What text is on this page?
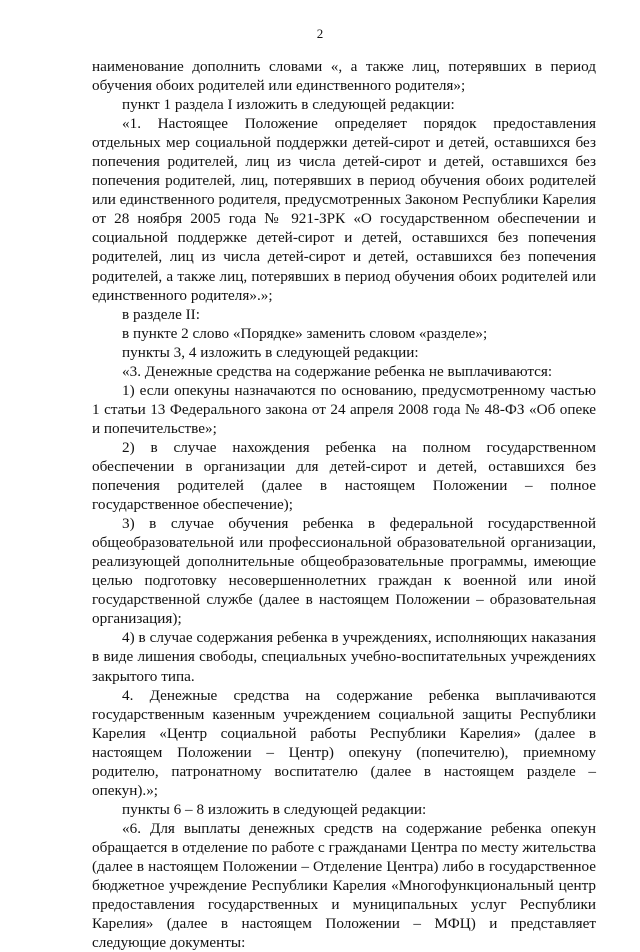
2

наименование дополнить словами «, а также лиц, потерявших в период обучения обоих родителей или единственного родителя»;

пункт 1 раздела I изложить в следующей редакции:

«1. Настоящее Положение определяет порядок предоставления отдельных мер социальной поддержки детей-сирот и детей, оставшихся без попечения родителей, лиц из числа детей-сирот и детей, оставшихся без попечения родителей, лиц, потерявших в период обучения обоих родителей или единственного родителя, предусмотренных Законом Республики Карелия от 28 ноября 2005 года № 921-ЗРК «О государственном обеспечении и социальной поддержке детей-сирот и детей, оставшихся без попечения родителей, лиц из числа детей-сирот и детей, оставшихся без попечения родителей, а также лиц, потерявших в период обучения обоих родителей или единственного родителя».»;

в разделе II:

в пункте 2 слово «Порядке» заменить словом «разделе»;

пункты 3, 4 изложить в следующей редакции:

«3. Денежные средства на содержание ребенка не выплачиваются:

1) если опекуны назначаются по основанию, предусмотренному частью 1 статьи 13 Федерального закона от 24 апреля 2008 года № 48-ФЗ «Об опеке и попечительстве»;

2) в случае нахождения ребенка на полном государственном обеспечении в организации для детей-сирот и детей, оставшихся без попечения родителей (далее в настоящем Положении – полное государственное обеспечение);

3) в случае обучения ребенка в федеральной государственной общеобразовательной или профессиональной образовательной организации, реализующей дополнительные общеобразовательные программы, имеющие целью подготовку несовершеннолетних граждан к военной или иной государственной службе (далее в настоящем Положении – образовательная организация);

4) в случае содержания ребенка в учреждениях, исполняющих наказания в виде лишения свободы, специальных учебно-воспитательных учреждениях закрытого типа.

4. Денежные средства на содержание ребенка выплачиваются государственным казенным учреждением социальной защиты Республики Карелия «Центр социальной работы Республики Карелия» (далее в настоящем Положении – Центр) опекуну (попечителю), приемному родителю, патронатному воспитателю (далее в настоящем разделе – опекун).»;

пункты 6 – 8 изложить в следующей редакции:

«6. Для выплаты денежных средств на содержание ребенка опекун обращается в отделение по работе с гражданами Центра по месту жительства (далее в настоящем Положении – Отделение Центра) либо в государственное бюджетное учреждение Республики Карелия «Многофункциональный центр предоставления государственных и муниципальных услуг Республики Карелия» (далее в настоящем Положении – МФЦ) и представляет следующие документы:
